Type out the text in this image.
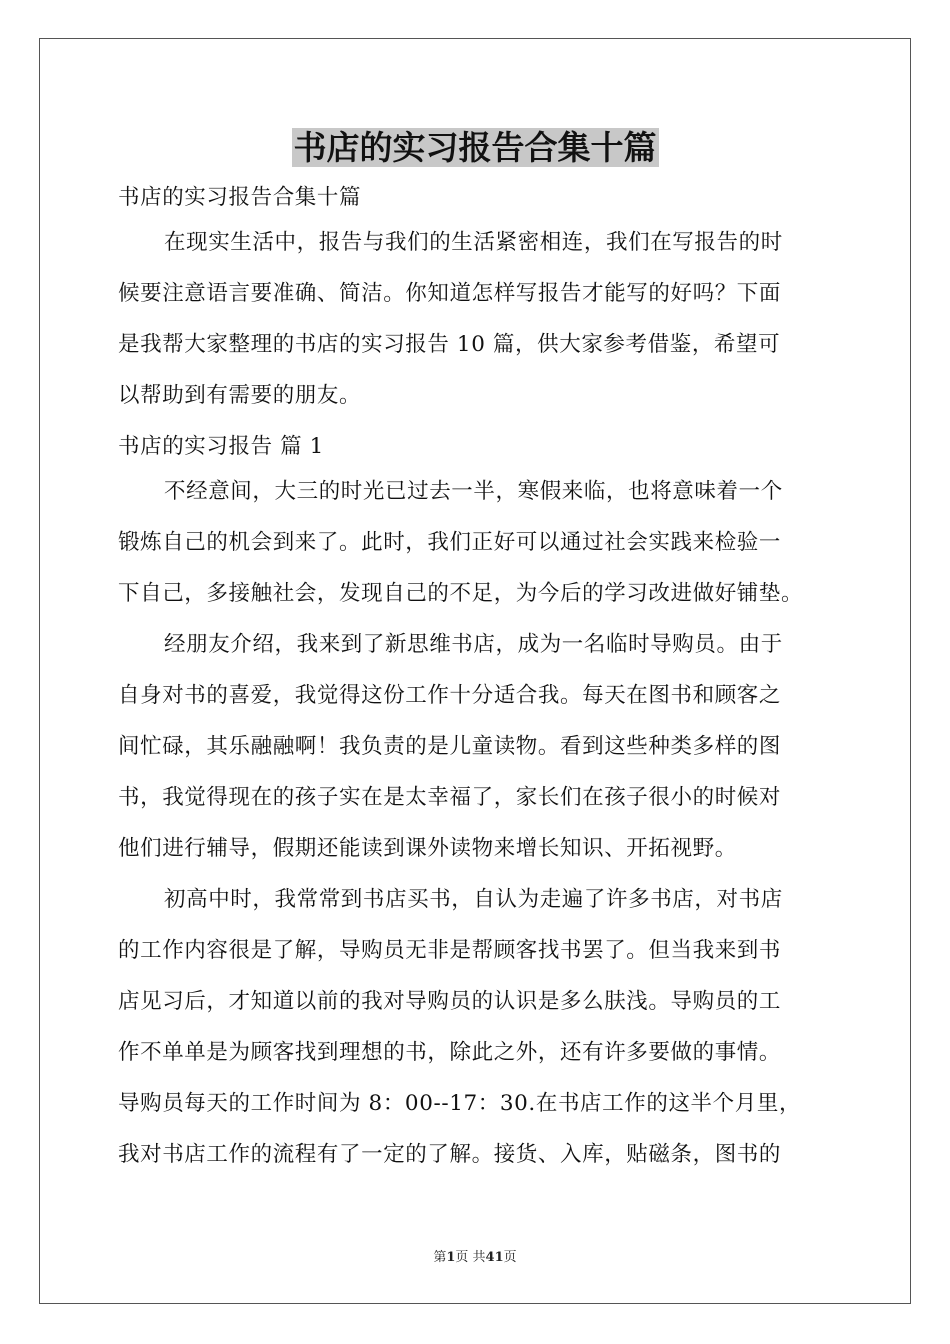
书店的实习报告合集十篇
书店的实习报告合集十篇
在现实生活中，报告与我们的生活紧密相连，我们在写报告的时
候要注意语言要准确、简洁。你知道怎样写报告才能写的好吗？下面
是我帮大家整理的书店的实习报告 10 篇，供大家参考借鉴，希望可
以帮助到有需要的朋友。
书店的实习报告 篇 1
不经意间，大三的时光已过去一半，寒假来临，也将意味着一个
锻炼自己的机会到来了。此时，我们正好可以通过社会实践来检验一
下自己，多接触社会，发现自己的不足，为今后的学习改进做好铺垫。
经朋友介绍，我来到了新思维书店，成为一名临时导购员。由于
自身对书的喜爱，我觉得这份工作十分适合我。每天在图书和顾客之
间忙碌，其乐融融啊！我负责的是儿童读物。看到这些种类多样的图
书，我觉得现在的孩子实在是太幸福了，家长们在孩子很小的时候对
他们进行辅导，假期还能读到课外读物来增长知识、开拓视野。
初高中时，我常常到书店买书，自认为走遍了许多书店，对书店
的工作内容很是了解，导购员无非是帮顾客找书罢了。但当我来到书
店见习后，才知道以前的我对导购员的认识是多么肤浅。导购员的工
作不单单是为顾客找到理想的书，除此之外，还有许多要做的事情。
导购员每天的工作时间为 8：00--17：30.在书店工作的这半个月里，
我对书店工作的流程有了一定的了解。接货、入库，贴磁条，图书的
第1页 共41页
